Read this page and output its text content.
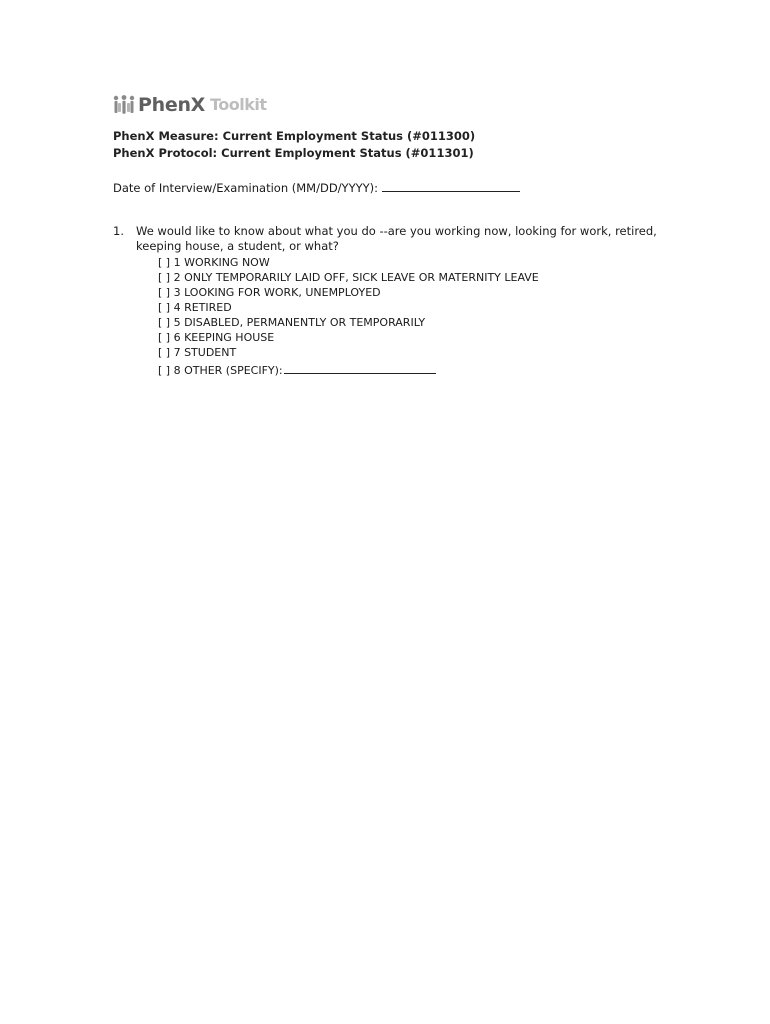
PhenX Toolkit
PhenX Measure: Current Employment Status (#011300)
PhenX Protocol: Current Employment Status (#011301)
Date of Interview/Examination (MM/DD/YYYY):
1. We would like to know about what you do --are you working now, looking for work, retired, keeping house, a student, or what?
[ ] 1 WORKING NOW
[ ] 2 ONLY TEMPORARILY LAID OFF, SICK LEAVE OR MATERNITY LEAVE
[ ] 3 LOOKING FOR WORK, UNEMPLOYED
[ ] 4 RETIRED
[ ] 5 DISABLED, PERMANENTLY OR TEMPORARILY
[ ] 6 KEEPING HOUSE
[ ] 7 STUDENT
[ ] 8 OTHER (SPECIFY):
